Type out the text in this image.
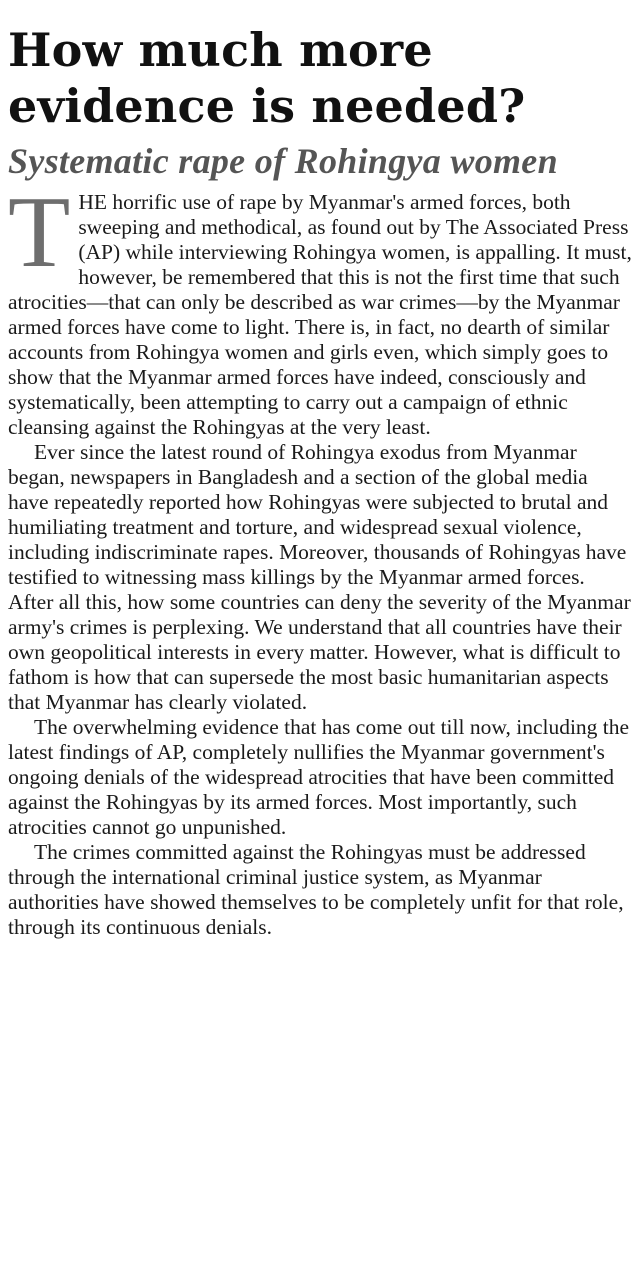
How much more evidence is needed?
Systematic rape of Rohingya women

THE horrific use of rape by Myanmar's armed forces, both sweeping and methodical, as found out by The Associated Press (AP) while interviewing Rohingya women, is appalling. It must, however, be remembered that this is not the first time that such atrocities—that can only be described as war crimes—by the Myanmar armed forces have come to light. There is, in fact, no dearth of similar accounts from Rohingya women and girls even, which simply goes to show that the Myanmar armed forces have indeed, consciously and systematically, been attempting to carry out a campaign of ethnic cleansing against the Rohingyas at the very least.

Ever since the latest round of Rohingya exodus from Myanmar began, newspapers in Bangladesh and a section of the global media have repeatedly reported how Rohingyas were subjected to brutal and humiliating treatment and torture, and widespread sexual violence, including indiscriminate rapes. Moreover, thousands of Rohingyas have testified to witnessing mass killings by the Myanmar armed forces. After all this, how some countries can deny the severity of the Myanmar army's crimes is perplexing. We understand that all countries have their own geopolitical interests in every matter. However, what is difficult to fathom is how that can supersede the most basic humanitarian aspects that Myanmar has clearly violated.

The overwhelming evidence that has come out till now, including the latest findings of AP, completely nullifies the Myanmar government's ongoing denials of the widespread atrocities that have been committed against the Rohingyas by its armed forces. Most importantly, such atrocities cannot go unpunished.

The crimes committed against the Rohingyas must be addressed through the international criminal justice system, as Myanmar authorities have showed themselves to be completely unfit for that role, through its continuous denials.
